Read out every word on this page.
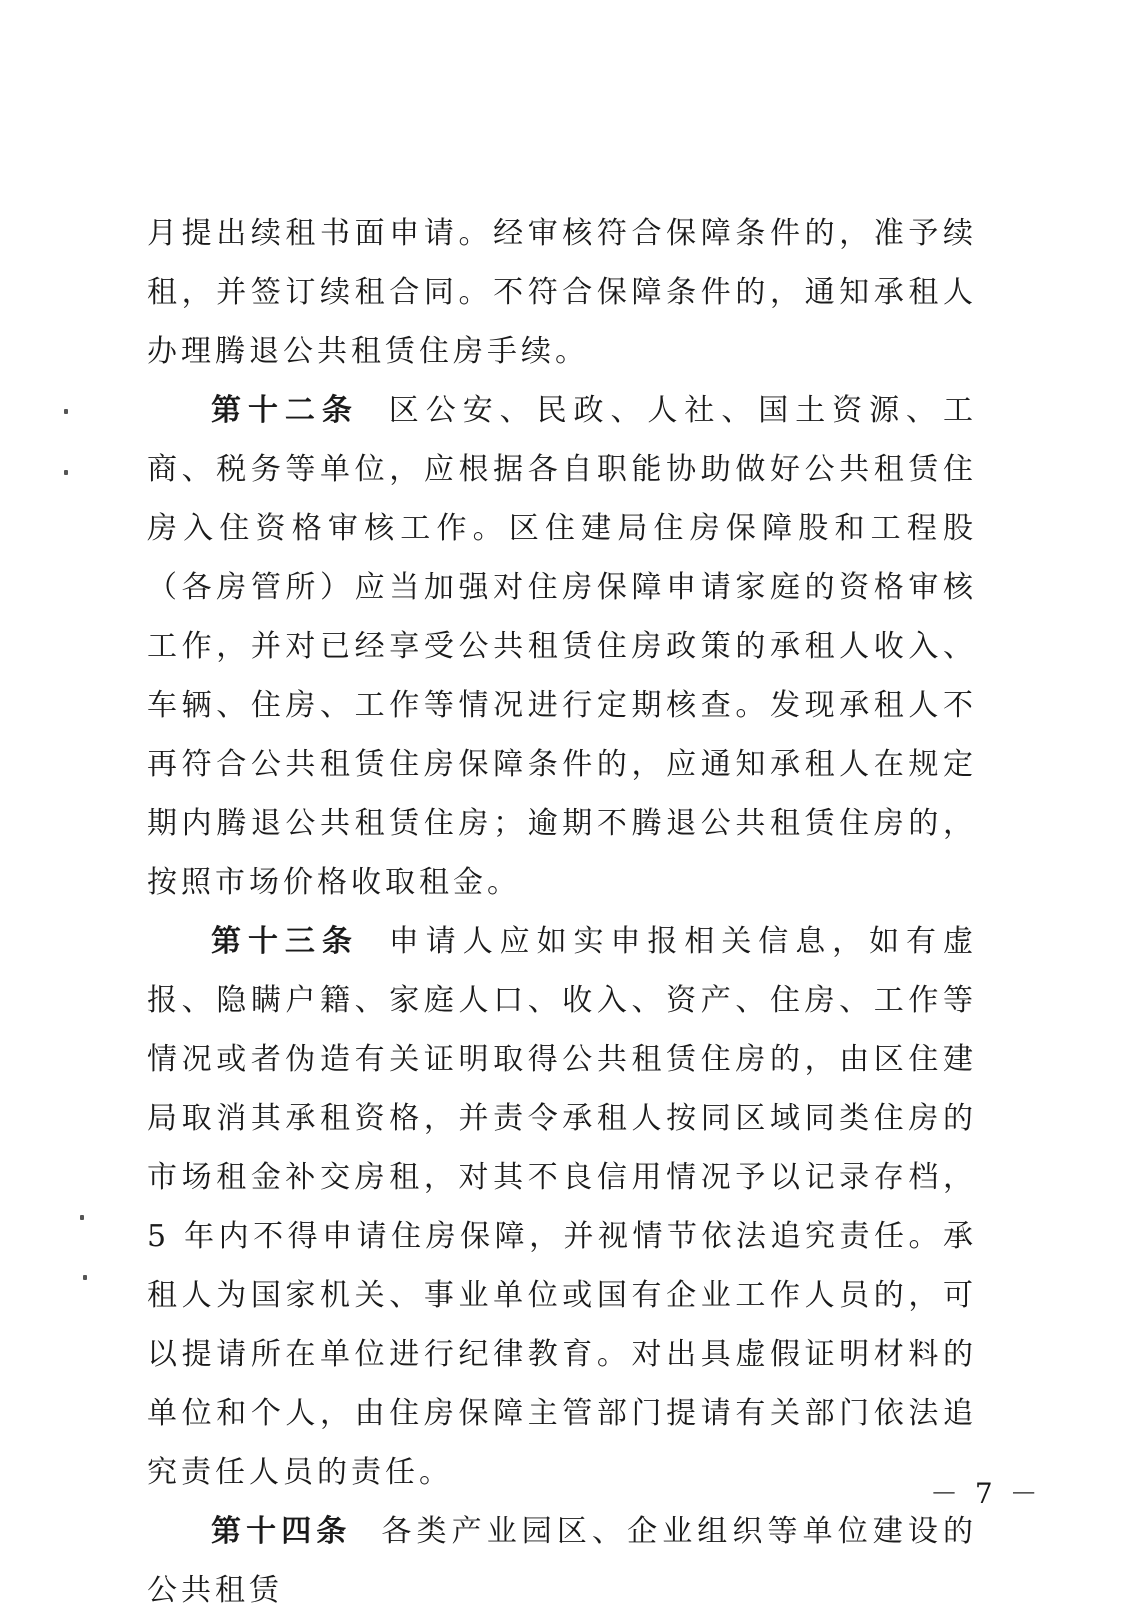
月提出续租书面申请。经审核符合保障条件的，准予续租，并签订续租合同。不符合保障条件的，通知承租人办理腾退公共租赁住房手续。

第十二条 区公安、民政、人社、国土资源、工商、税务等单位，应根据各自职能协助做好公共租赁住房入住资格审核工作。区住建局住房保障股和工程股（各房管所）应当加强对住房保障申请家庭的资格审核工作，并对已经享受公共租赁住房政策的承租人收入、车辆、住房、工作等情况进行定期核查。发现承租人不再符合公共租赁住房保障条件的，应通知承租人在规定期内腾退公共租赁住房；逾期不腾退公共租赁住房的，按照市场价格收取租金。

第十三条 申请人应如实申报相关信息，如有虚报、隐瞒户籍、家庭人口、收入、资产、住房、工作等情况或者伪造有关证明取得公共租赁住房的，由区住建局取消其承租资格，并责令承租人按同区域同类住房的市场租金补交房租，对其不良信用情况予以记录存档，5 年内不得申请住房保障，并视情节依法追究责任。承租人为国家机关、事业单位或国有企业工作人员的，可以提请所在单位进行纪律教育。对出具虚假证明材料的单位和个人，由住房保障主管部门提请有关部门依法追究责任人员的责任。

第十四条 各类产业园区、企业组织等单位建设的公共租赁

－ 7 －
